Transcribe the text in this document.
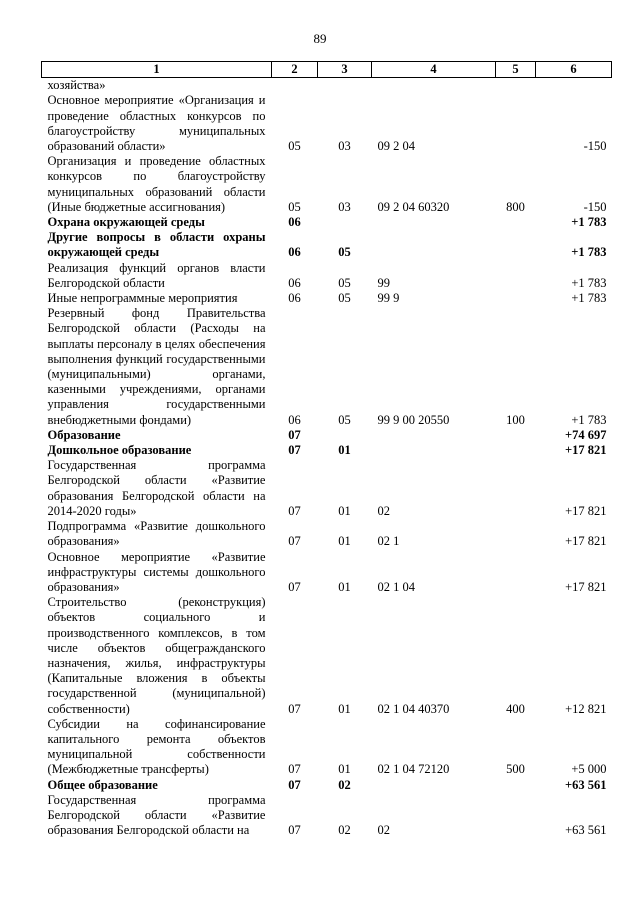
89
1	2	3	4	5	6
хозяйства»					
Основное мероприятие «Организация и проведение областных конкурсов по благоустройству муниципальных образований области»	05	03	09 2 04		-150
Организация и проведение областных конкурсов по благоустройству муниципальных образований области (Иные бюджетные ассигнования)	05	03	09 2 04 60320	800	-150
Охрана окружающей среды	06				+1 783
Другие вопросы в области охраны окружающей среды	06	05			+1 783
Реализация функций органов власти Белгородской области	06	05	99		+1 783
Иные непрограммные мероприятия	06	05	99 9		+1 783
Резервный фонд Правительства Белгородской области (Расходы на выплаты персоналу в целях обеспечения выполнения функций государственными (муниципальными) органами, казенными учреждениями, органами управления государственными внебюджетными фондами)	06	05	99 9 00 20550	100	+1 783
Образование	07				+74 697
Дошкольное образование	07	01			+17 821
Государственная программа Белгородской области «Развитие образования Белгородской области на 2014-2020 годы»	07	01	02		+17 821
Подпрограмма «Развитие дошкольного образования»	07	01	02 1		+17 821
Основное мероприятие «Развитие инфраструктуры системы дошкольного образования»	07	01	02 1 04		+17 821
Строительство (реконструкция) объектов социального и производственного комплексов, в том числе объектов общегражданского назначения, жилья, инфраструктуры (Капитальные вложения в объекты государственной (муниципальной) собственности)	07	01	02 1 04 40370	400	+12 821
Субсидии на софинансирование капитального ремонта объектов муниципальной собственности (Межбюджетные трансферты)	07	01	02 1 04 72120	500	+5 000
Общее образование	07	02			+63 561
Государственная программа Белгородской области «Развитие образования Белгородской области на	07	02	02		+63 561
